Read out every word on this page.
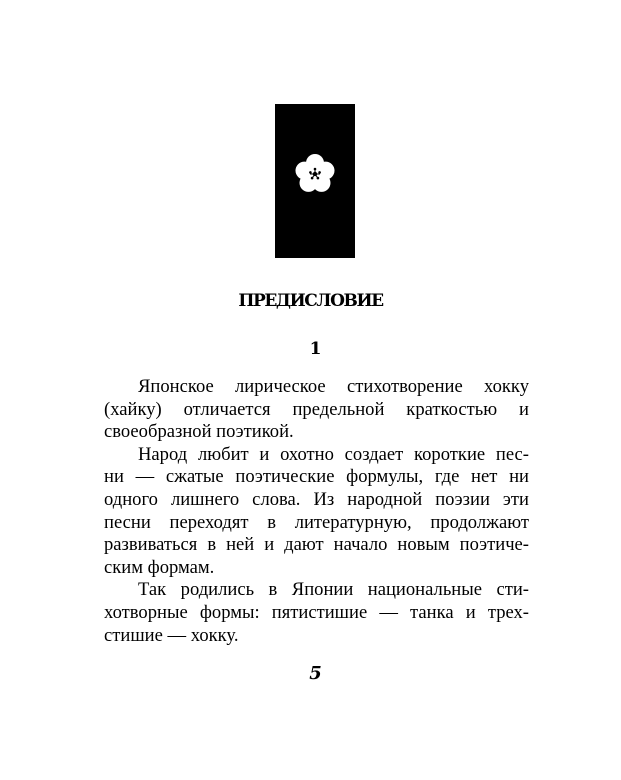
ПРЕДИСЛОВИЕ
1
Японское лирическое стихотворение хокку
(хайку) отличается предельной краткостью и
своеобразной поэтикой.
Народ любит и охотно создает короткие пес-
ни — сжатые поэтические формулы, где нет ни
одного лишнего слова. Из народной поэзии эти
песни переходят в литературную, продолжают
развиваться в ней и дают начало новым поэтиче-
ским формам.
Так родились в Японии национальные сти-
хотворные формы: пятистишие — танка и трех-
стишие — хокку.
5
